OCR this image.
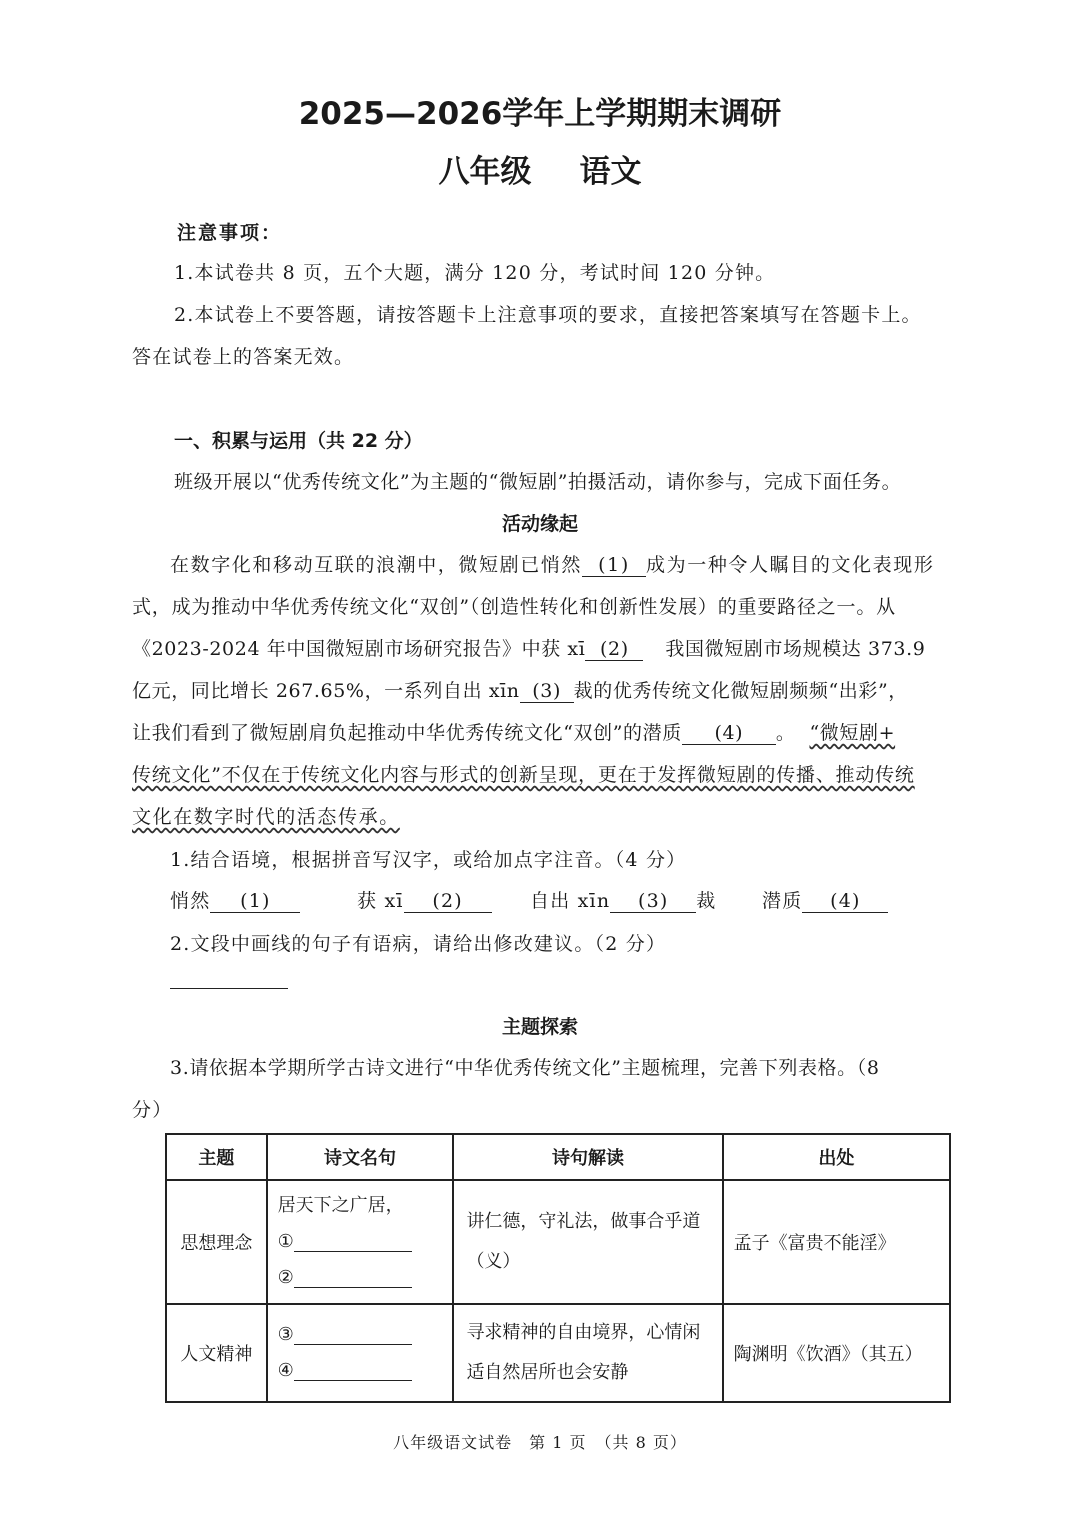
2025—2026学年上学期期末调研
八年级 语文
注意事项：
1.本试卷共 8 页，五个大题，满分 120 分，考试时间 120 分钟。
2.本试卷上不要答题，请按答题卡上注意事项的要求，直接把答案填写在答题卡上。
答在试卷上的答案无效。
一、积累与运用（共 22 分）
班级开展以“优秀传统文化”为主题的“微短剧”拍摄活动，请你参与，完成下面任务。
活动缘起
在数字化和移动互联的浪潮中，微短剧已悄然 (1) 成为一种令人瞩目的文化表现形
式，成为推动中华优秀传统文化“双创”（创造性转化和创新性发展）的重要路径之一。从
《2023-2024 年中国微短剧市场研究报告》中获 xī (2) 我国微短剧市场规模达 373.9
亿元，同比增长 267.65%，一系列自出 xīn (3) 裁的优秀传统文化微短剧频频“出彩”，
让我们看到了微短剧肩负起推动中华优秀传统文化“双创”的潜质 (4) 。 “微短剧+
传统文化”不仅在于传统文化内容与形式的创新呈现，更在于发挥微短剧的传播、推动传统
文化在数字时代的活态传承。
1.结合语境，根据拼音写汉字，或给加点字注音。（4 分）
悄然 (1)	获 xī (2)	自出 xīn (3) 裁 潜质 (4)
2.文段中画线的句子有语病，请给出修改建议。（2 分）
主题探索
3.请依据本学期所学古诗文进行“中华优秀传统文化”主题梳理，完善下列表格。（8
分）
主题	诗文名句	诗句解读	出处
思想理念	居天下之广居，
①
②	讲仁德，守礼法，做事合乎道（义）	孟子《富贵不能淫》
人文精神	③
④	寻求精神的自由境界，心情闲适自然居所也会安静	陶渊明《饮酒》（其五）
八年级语文试卷　第 1 页　（共 8 页）
